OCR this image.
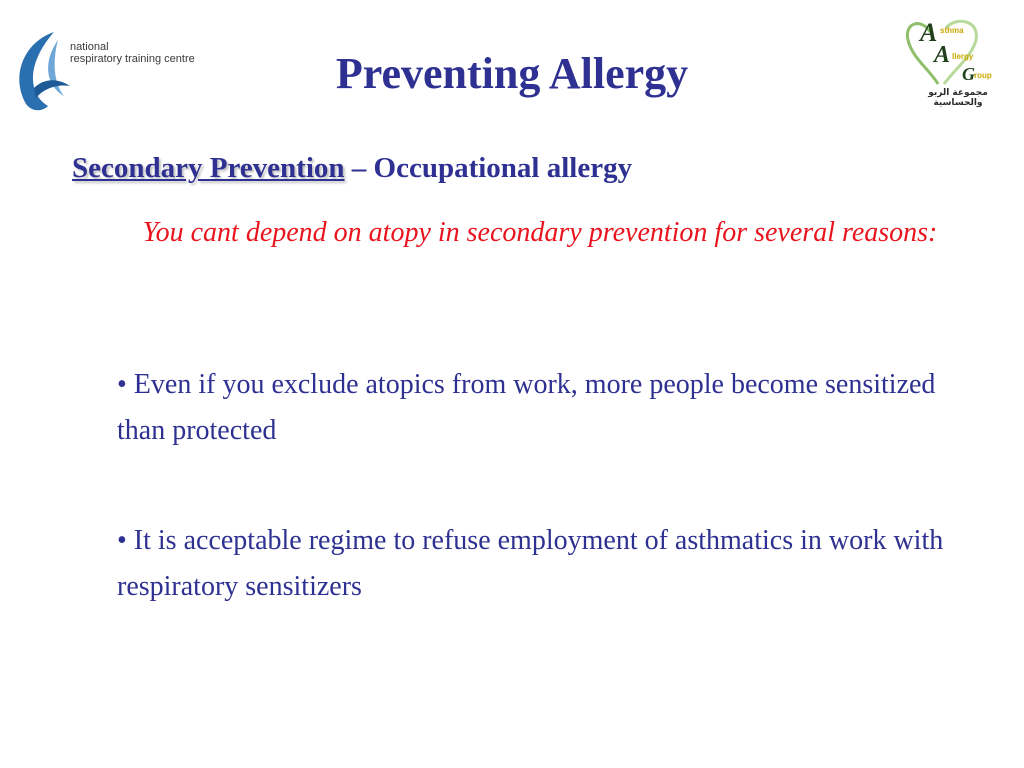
national
respiratory training centre
A sthma
A llergy
G roup
مجموعة الربو والحساسية
Preventing Allergy
Secondary Prevention – Occupational allergy
You cant depend on atopy in secondary prevention for several reasons:
• Even if you exclude atopics from work, more people become sensitized than protected
• It is acceptable regime to refuse employment of asthmatics in work with respiratory sensitizers
